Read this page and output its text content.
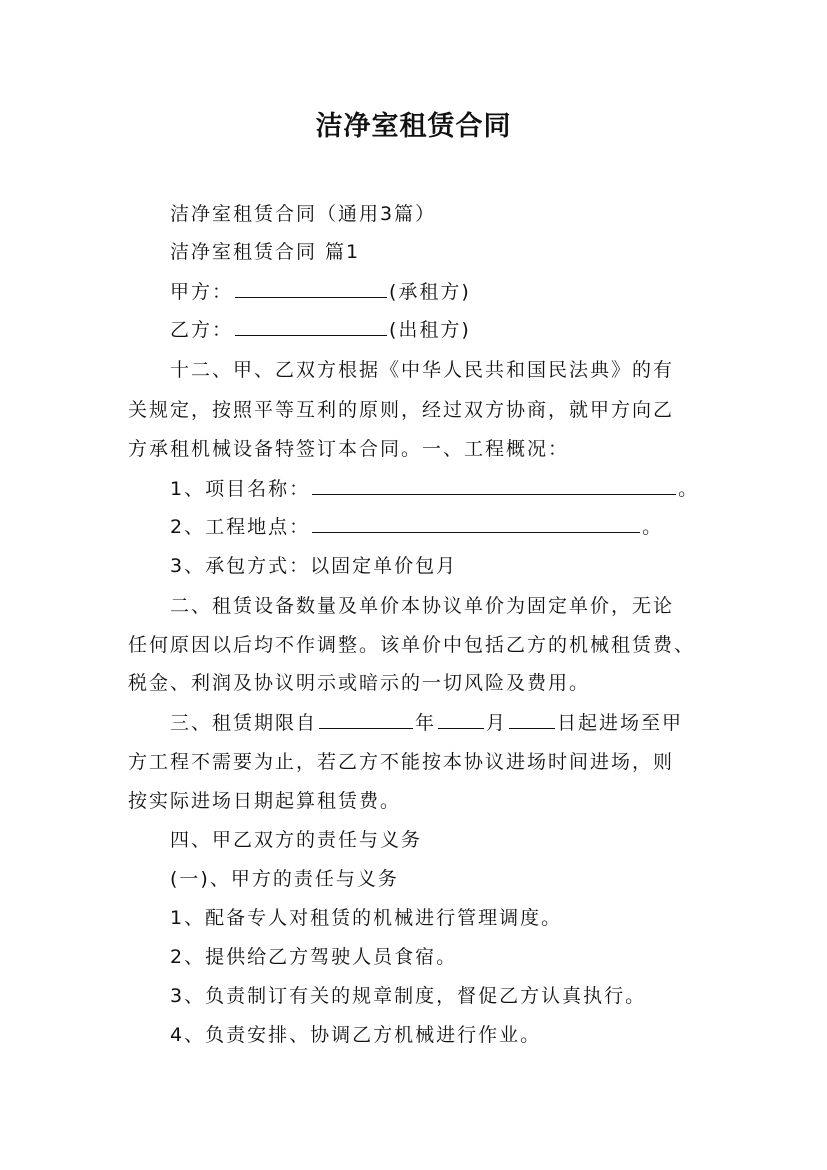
洁净室租赁合同
洁净室租赁合同（通用3篇）
洁净室租赁合同 篇1
甲方：	(承租方)
乙方：	(出租方)
十二、甲、乙双方根据《中华人民共和国民法典》的有
关规定，按照平等互利的原则，经过双方协商，就甲方向乙
方承租机械设备特签订本合同。一、工程概况：
1、项目名称：	。
2、工程地点：	。
3、承包方式：以固定单价包月
二、租赁设备数量及单价本协议单价为固定单价，无论
任何原因以后均不作调整。该单价中包括乙方的机械租赁费、
税金、利润及协议明示或暗示的一切风险及费用。
三、租赁期限自	年	月	日起进场至甲
方工程不需要为止，若乙方不能按本协议进场时间进场，则
按实际进场日期起算租赁费。
四、甲乙双方的责任与义务
(一)、甲方的责任与义务
1、配备专人对租赁的机械进行管理调度。
2、提供给乙方驾驶人员食宿。
3、负责制订有关的规章制度，督促乙方认真执行。
4、负责安排、协调乙方机械进行作业。
